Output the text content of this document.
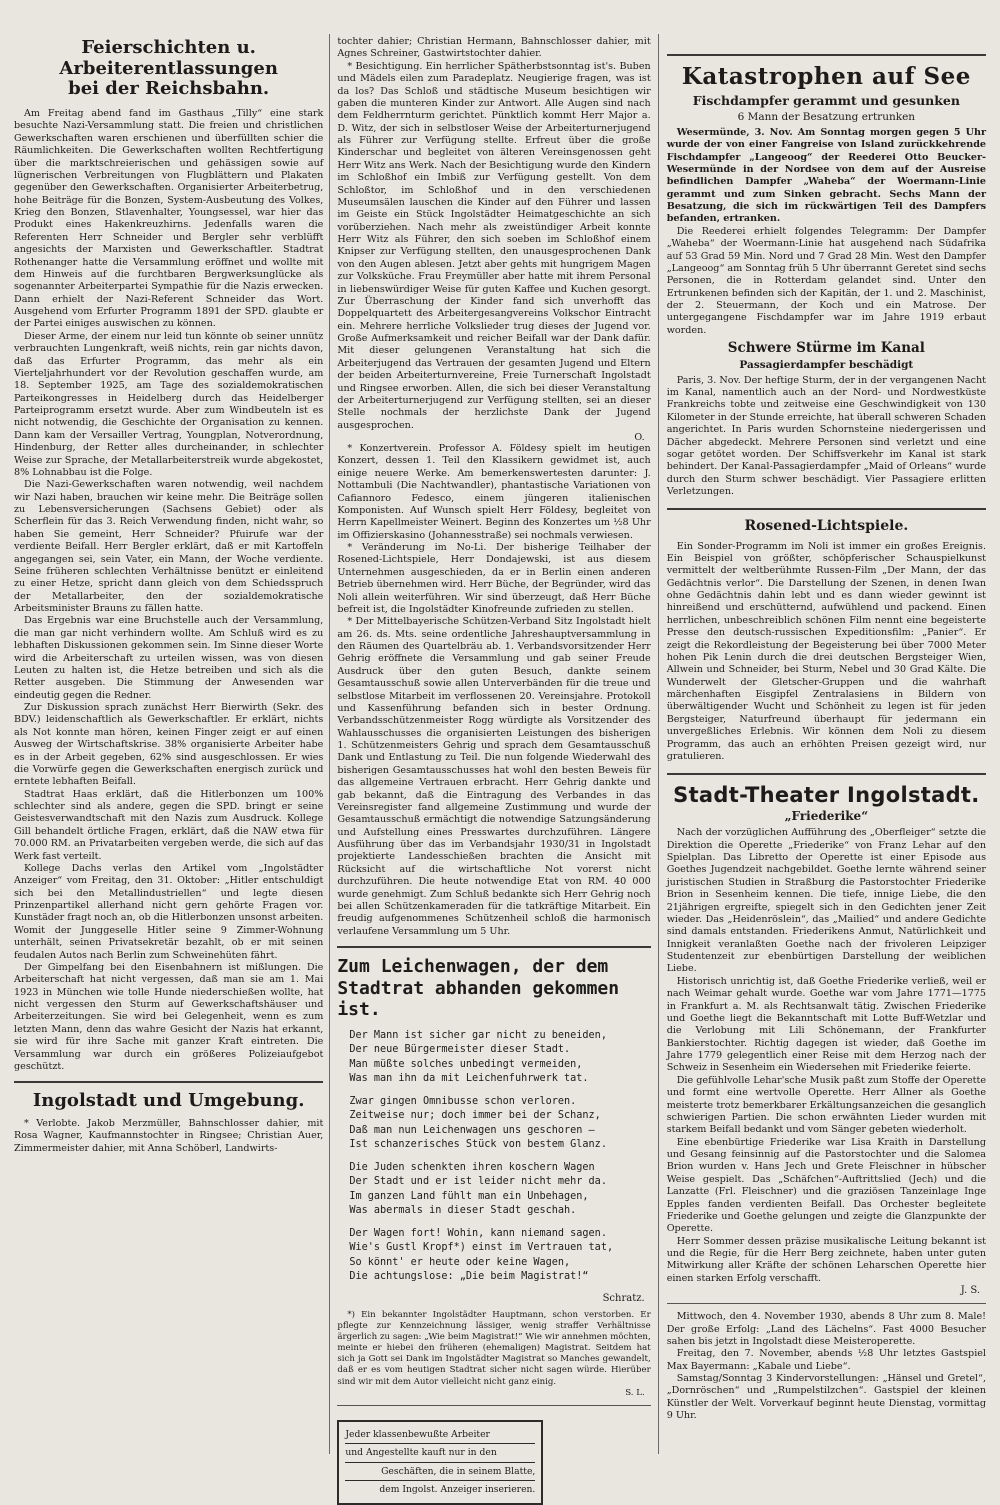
Feierschichten u. Arbeiterentlassungen
bei der Reichsbahn.

Am Freitag abend fand im Gasthaus „Tilly“ eine stark besuchte Nazi-Versammlung statt. Die freien und christlichen Gewerkschaften waren erschienen und überfüllten schier die Räumlichkeiten. Die Gewerkschaften wollten Rechtfertigung über die marktschreierischen und gehässigen sowie auf lügnerischen Verbreitungen von Flugblättern und Plakaten gegenüber den Gewerkschaften. Organisierter Arbeiterbetrug, hohe Beiträge für die Bonzen, System-Ausbeutung des Volkes, Krieg den Bonzen, Stlavenhalter, Youngsessel, war hier das Produkt eines Hakenkreuzhirns. Jedenfalls waren die Referenten Herr Schneider und Bergler sehr verblüfft angesichts der Marxisten und Gewerkschaftler. Stadtrat Rothenanger hatte die Versammlung eröffnet und wollte mit dem Hinweis auf die furchtbaren Bergwerksunglücke als sogenannter Arbeiterpartei Sympathie für die Nazis erwecken. Dann erhielt der Nazi-Referent Schneider das Wort. Ausgehend vom Erfurter Programm 1891 der SPD. glaubte er der Partei einiges auswischen zu können.

Dieser Arme, der einem nur leid tun könnte ob seiner unnütz verbrauchten Lungenkraft, weiß nichts, rein gar nichts davon, daß das Erfurter Programm, das mehr als ein Vierteljahrhundert vor der Revolution geschaffen wurde, am 18. September 1925, am Tage des sozialdemokratischen Parteikongresses in Heidelberg durch das Heidelberger Parteiprogramm ersetzt wurde. Aber zum Windbeuteln ist es nicht notwendig, die Geschichte der Organisation zu kennen. Dann kam der Versailler Vertrag, Youngplan, Notverordnung, Hindenburg, der Retter alles durcheinander, in schlechter Weise zur Sprache, der Metallarbeiterstreik wurde abgekostet, 8% Lohnabbau ist die Folge.

Die Nazi-Gewerkschaften waren notwendig, weil nachdem wir Nazi haben, brauchen wir keine mehr. Die Beiträge sollen zu Lebensversicherungen (Sachsens Gebiet) oder als Scherflein für das 3. Reich Verwendung finden, nicht wahr, so haben Sie gemeint, Herr Schneider? Pfuirufe war der verdiente Beifall. Herr Bergler erklärt, daß er mit Kartoffeln angegangen sei, sein Vater, ein Mann, der Woche verdiente. Seine früheren schlechten Verhältnisse benützt er einleitend zu einer Hetze, spricht dann gleich von dem Schiedsspruch der Metallarbeiter, den der sozialdemokratische Arbeitsminister Brauns zu fällen hatte.

Das Ergebnis war eine Bruchstelle auch der Versammlung, die man gar nicht verhindern wollte. Am Schluß wird es zu lebhaften Diskussionen gekommen sein. Im Sinne dieser Worte wird die Arbeiterschaft zu urteilen wissen, was von diesen Leuten zu halten ist, die Hetze betreiben und sich als die Retter ausgeben. Die Stimmung der Anwesenden war eindeutig gegen die Redner.

Zur Diskussion sprach zunächst Herr Bierwirth (Sekr. des BDV.) leidenschaftlich als Gewerkschaftler. Er erklärt, nichts als Not konnte man hören, keinen Finger zeigt er auf einen Ausweg der Wirtschaftskrise. 38% organisierte Arbeiter habe es in der Arbeit gegeben, 62% sind ausgeschlossen. Er wies die Vorwürfe gegen die Gewerkschaften energisch zurück und erntete lebhaften Beifall.

Stadtrat Haas erklärt, daß die Hitlerbonzen um 100% schlechter sind als andere, gegen die SPD. bringt er seine Geistesverwandtschaft mit den Nazis zum Ausdruck. Kollege Gill behandelt örtliche Fragen, erklärt, daß die NAW etwa für 70.000 RM. an Privatarbeiten vergeben werde, die sich auf das Werk fast verteilt.

Kollege Dachs verlas den Artikel vom „Ingolstädter Anzeiger“ vom Freitag, den 31. Oktober: „Hitler entschuldigt sich bei den Metallindustriellen“ und legte diesen Prinzenpartikel allerhand nicht gern gehörte Fragen vor. Kunstäder fragt noch an, ob die Hitlerbonzen unsonst arbeiten. Womit der Junggeselle Hitler seine 9 Zimmer-Wohnung unterhält, seinen Privatsekretär bezahlt, ob er mit seinen feudalen Autos nach Berlin zum Schweinehüten fährt.

Der Gimpelfang bei den Eisenbahnern ist mißlungen. Die Arbeiterschaft hat nicht vergessen, daß man sie am 1. Mai 1923 in München wie tolle Hunde niederschießen wollte, hat nicht vergessen den Sturm auf Gewerkschaftshäuser und Arbeiterzeitungen. Sie wird bei Gelegenheit, wenn es zum letzten Mann, denn das wahre Gesicht der Nazis hat erkannt, sie wird für ihre Sache mit ganzer Kraft eintreten. Die Versammlung war durch ein größeres Polizeiaufgebot geschützt.

Ingolstadt und Umgebung.

* Verlobte. Jakob Merzmüller, Bahnschlosser dahier, mit Rosa Wagner, Kaufmannstochter in Ringsee; Christian Auer, Zimmermeister dahier, mit Anna Schöberl, Landwirts-

tochter dahier; Christian Hermann, Bahnschlosser dahier, mit Agnes Schreiner, Gastwirtstochter dahier.

* Besichtigung. Ein herrlicher Spätherbstsonntag ist's. Buben und Mädels eilen zum Paradeplatz. Neugierige fragen, was ist da los? Das Schloß und städtische Museum besichtigen wir gaben die munteren Kinder zur Antwort. Alle Augen sind nach dem Feldherrnturm gerichtet. Pünktlich kommt Herr Major a. D. Witz, der sich in selbstloser Weise der Arbeiterturnerjugend als Führer zur Verfügung stellte. Erfreut über die große Kinderschar und begleitet von älteren Vereinsgenossen geht Herr Witz ans Werk. Nach der Besichtigung wurde den Kindern im Schloßhof ein Imbiß zur Verfügung gestellt. Von dem Schloßtor, im Schloßhof und in den verschiedenen Museumsälen lauschen die Kinder auf den Führer und lassen im Geiste ein Stück Ingolstädter Heimatgeschichte an sich vorüberziehen. Nach mehr als zweistündiger Arbeit konnte Herr Witz als Führer, den sich soeben im Schloßhof einem Knipser zur Verfügung stellten, den unausgesprochenen Dank von den Augen ablesen. Jetzt aber gehts mit hungrigem Magen zur Volksküche. Frau Freymüller aber hatte mit ihrem Personal in liebenswürdiger Weise für guten Kaffee und Kuchen gesorgt. Zur Überraschung der Kinder fand sich unverhofft das Doppelquartett des Arbeitergesangvereins Volkschor Eintracht ein. Mehrere herrliche Volkslieder trug dieses der Jugend vor. Große Aufmerksamkeit und reicher Beifall war der Dank dafür. Mit dieser gelungenen Veranstaltung hat sich die Arbeiterjugend das Vertrauen der gesamten Jugend und Eltern der beiden Arbeiterturnvereine, Freie Turnerschaft Ingolstadt und Ringsee erworben. Allen, die sich bei dieser Veranstaltung der Arbeiterturnerjugend zur Verfügung stellten, sei an dieser Stelle nochmals der herzlichste Dank der Jugend ausgesprochen.

O.

* Konzertverein. Professor A. Földesy spielt im heutigen Konzert, dessen 1. Teil den Klassikern gewidmet ist, auch einige neuere Werke. Am bemerkenswertesten darunter: J. Nottambuli (Die Nachtwandler), phantastische Variationen von Cafiannoro Fedesco, einem jüngeren italienischen Komponisten. Auf Wunsch spielt Herr Földesy, begleitet von Herrn Kapellmeister Weinert. Beginn des Konzertes um ½8 Uhr im Offizierskasino (Johannesstraße) sei nochmals verwiesen.

* Veränderung im No-Li. Der bisherige Teilhaber der Rosened-Lichtspiele, Herr Dondajewski, ist aus diesem Unternehmen ausgeschieden, da er in Berlin einen anderen Betrieb übernehmen wird. Herr Büche, der Begründer, wird das Noli allein weiterführen. Wir sind überzeugt, daß Herr Büche befreit ist, die Ingolstädter Kinofreunde zufrieden zu stellen.

* Der Mittelbayerische Schützen-Verband Sitz Ingolstadt hielt am 26. ds. Mts. seine ordentliche Jahreshauptversammlung in den Räumen des Quartelbräu ab. 1. Verbandsvorsitzender Herr Gehrig eröffnete die Versammlung und gab seiner Freude Ausdruck über den guten Besuch, dankte seinem Gesamtausschuß sowie allen Unterverbänden für die treue und selbstlose Mitarbeit im verflossenen 20. Vereinsjahre. Protokoll und Kassenführung befanden sich in bester Ordnung. Verbandsschützenmeister Rogg würdigte als Vorsitzender des Wahlausschusses die organisierten Leistungen des bisherigen 1. Schützenmeisters Gehrig und sprach dem Gesamtausschuß Dank und Entlastung zu Teil. Die nun folgende Wiederwahl des bisherigen Gesamtausschusses hat wohl den besten Beweis für das allgemeine Vertrauen erbracht. Herr Gehrig dankte und gab bekannt, daß die Eintragung des Verbandes in das Vereinsregister fand allgemeine Zustimmung und wurde der Gesamtausschuß ermächtigt die notwendige Satzungsänderung und Aufstellung eines Presswartes durchzuführen. Längere Ausführung über das im Verbandsjahr 1930/31 in Ingolstadt projektierte Landesschießen brachten die Ansicht mit Rücksicht auf die wirtschaftliche Not vorerst nicht durchzuführen. Die heute notwendige Etat von RM. 40 000 wurde genehmigt. Zum Schluß bedankte sich Herr Gehrig noch bei allen Schützenkameraden für die tatkräftige Mitarbeit. Ein freudig aufgenommenes Schützenheil schloß die harmonisch verlaufene Versammlung um 5 Uhr.

Zum Leichenwagen, der dem Stadtrat abhanden gekommen ist.
Der Mann ist sicher gar nicht zu beneiden,
Der neue Bürgermeister dieser Stadt.
Man müßte solches unbedingt vermeiden,
Was man ihn da mit Leichenfuhrwerk tat.
Zwar gingen Omnibusse schon verloren.
Zeitweise nur; doch immer bei der Schanz,
Daß man nun Leichenwagen uns geschoren —
Ist schanzerisches Stück von bestem Glanz.
Die Juden schenkten ihren koschern Wagen
Der Stadt und er ist leider nicht mehr da.
Im ganzen Land fühlt man ein Unbehagen,
Was abermals in dieser Stadt geschah.
Der Wagen fort! Wohin, kann niemand sagen.
Wie's Gustl Kropf*) einst im Vertrauen tat,
So könnt' er heute oder keine Wagen,
Die achtungslose: „Die beim Magistrat!“
Schratz.

*) Ein bekannter Ingolstädter Hauptmann, schon verstorben. Er pflegte zur Kennzeichnung lässiger, wenig straffer Verhältnisse ärgerlich zu sagen: „Wie beim Magistrat!“ Wie wir annehmen möchten, meinte er hiebei den früheren (ehemaligen) Magistrat. Seitdem hat sich ja Gott sei Dank im Ingolstädter Magistrat so Manches gewandelt, daß er es vom heutigen Stadtrat sicher nicht sagen würde. Hierüber sind wir mit dem Autor vielleicht nicht ganz einig.

S. L.
Jeder klassenbewußte Arbeiter
und Angestellte kauft nur in den
Geschäften, die in seinem Blatte,
dem Ingolst. Anzeiger inserieren.
Katastrophen auf See
Fischdampfer gerammt und gesunken
6 Mann der Besatzung ertrunken

Wesermünde, 3. Nov. Am Sonntag morgen gegen 5 Uhr wurde der von einer Fangreise von Island zurückkehrende Fischdampfer „Langeoog“ der Reederei Otto Beucker-Wesermünde in der Nordsee von dem auf der Ausreise befindlichen Dampfer „Waheba“ der Woermann-Linie gerammt und zum Sinken gebracht. Sechs Mann der Besatzung, die sich im rückwärtigen Teil des Dampfers befanden, ertranken.

Die Reederei erhielt folgendes Telegramm: Der Dampfer „Waheba“ der Woermann-Linie hat ausgehend nach Südafrika auf 53 Grad 59 Min. Nord und 7 Grad 28 Min. West den Dampfer „Langeoog“ am Sonntag früh 5 Uhr überrannt Geretet sind sechs Personen, die in Rotterdam gelandet sind. Unter den Ertrunkenen befinden sich der Kapitän, der 1. und 2. Maschinist, der 2. Steuermann, der Koch und ein Matrose. Der untergegangene Fischdampfer war im Jahre 1919 erbaut worden.

Schwere Stürme im Kanal
Passagierdampfer beschädigt

Paris, 3. Nov. Der heftige Sturm, der in der vergangenen Nacht im Kanal, namentlich auch an der Nord- und Nordwestküste Frankreichs tobte und zeitweise eine Geschwindigkeit von 130 Kilometer in der Stunde erreichte, hat überall schweren Schaden angerichtet. In Paris wurden Schornsteine niedergerissen und Dächer abgedeckt. Mehrere Personen sind verletzt und eine sogar getötet worden. Der Schiffsverkehr im Kanal ist stark behindert. Der Kanal-Passagierdampfer „Maid of Orleans“ wurde durch den Sturm schwer beschädigt. Vier Passagiere erlitten Verletzungen.

Rosened-Lichtspiele.

Ein Sonder-Programm im Noli ist immer ein großes Ereignis. Ein Beispiel von größter, schöpferischer Schauspielkunst vermittelt der weltberühmte Russen-Film „Der Mann, der das Gedächtnis verlor“. Die Darstellung der Szenen, in denen Iwan ohne Gedächtnis dahin lebt und es dann wieder gewinnt ist hinreißend und erschütternd, aufwühlend und packend. Einen herrlichen, unbeschreiblich schönen Film nennt eine begeisterte Presse den deutsch-russischen Expeditionsfilm: „Panier“. Er zeigt die Rekordleistung der Begeisterung bei über 7000 Meter hohen Pik Lenin durch die drei deutschen Bergsteiger Wien, Allwein und Schneider, bei Sturm, Nebel und 30 Grad Kälte. Die Wunderwelt der Gletscher-Gruppen und die wahrhaft märchenhaften Eisgipfel Zentralasiens in Bildern von überwältigender Wucht und Schönheit zu legen ist für jeden Bergsteiger, Naturfreund überhaupt für jedermann ein unvergeßliches Erlebnis. Wir können dem Noli zu diesem Programm, das auch an erhöhten Preisen gezeigt wird, nur gratulieren.

Stadt-Theater Ingolstadt.
„Friederike“

Nach der vorzüglichen Aufführung des „Oberfleiger“ setzte die Direktion die Operette „Friederike“ von Franz Lehar auf den Spielplan. Das Libretto der Operette ist einer Episode aus Goethes Jugendzeit nachgebildet. Goethe lernte während seiner juristischen Studien in Straßburg die Pastorstochter Friederike Brion in Sesenheim kennen. Die tiefe, innige Liebe, die den 21jährigen ergreifte, spiegelt sich in den Gedichten jener Zeit wieder. Das „Heidenröslein“, das „Mailied“ und andere Gedichte sind damals entstanden. Friederikens Anmut, Natürlichkeit und Innigkeit veranlaßten Goethe nach der frivoleren Leipziger Studentenzeit zur ebenbürtigen Darstellung der weiblichen Liebe.

Historisch unrichtig ist, daß Goethe Friederike verließ, weil er nach Weimar gehalt wurde. Goethe war vom Jahre 1771—1775 in Frankfurt a. M. als Rechtsanwalt tätig. Zwischen Friederike und Goethe liegt die Bekanntschaft mit Lotte Buff-Wetzlar und die Verlobung mit Lili Schönemann, der Frankfurter Bankierstochter. Richtig dagegen ist wieder, daß Goethe im Jahre 1779 gelegentlich einer Reise mit dem Herzog nach der Schweiz in Sesenheim ein Wiedersehen mit Friederike feierte.

Die gefühlvolle Lehar'sche Musik paßt zum Stoffe der Operette und formt eine wertvolle Operette. Herr Allner als Goethe meisterte trotz bemerkbarer Erkältungsanzeichen die gesanglich schwierigen Partien. Die schon erwähnten Lieder wurden mit starkem Beifall bedankt und vom Sänger gebeten wiederholt.

Eine ebenbürtige Friederike war Lisa Kraith in Darstellung und Gesang feinsinnig auf die Pastorstochter und die Salomea Brion wurden v. Hans Jech und Grete Fleischner in hübscher Weise gespielt. Das „Schäfchen“-Auftrittslied (Jech) und die Lanzatte (Frl. Fleischner) und die graziösen Tanzeinlage Inge Epples fanden verdienten Beifall. Das Orchester begleitete Friederike und Goethe gelungen und zeigte die Glanzpunkte der Operette.

Herr Sommer dessen präzise musikalische Leitung bekannt ist und die Regie, für die Herr Berg zeichnete, haben unter guten Mitwirkung aller Kräfte der schönen Leharschen Operette hier einen starken Erfolg verschafft.

J. S.

Mittwoch, den 4. November 1930, abends 8 Uhr zum 8. Male! Der große Erfolg: „Land des Lächelns“. Fast 4000 Besucher sahen bis jetzt in Ingolstadt diese Meisteroperette.

Freitag, den 7. November, abends ½8 Uhr letztes Gastspiel Max Bayermann: „Kabale und Liebe“.

Samstag/Sonntag 3 Kindervorstellungen: „Hänsel und Gretel“, „Dornröschen“ und „Rumpelstilzchen“. Gastspiel der kleinen Künstler der Welt. Vorverkauf beginnt heute Dienstag, vormittag 9 Uhr.
